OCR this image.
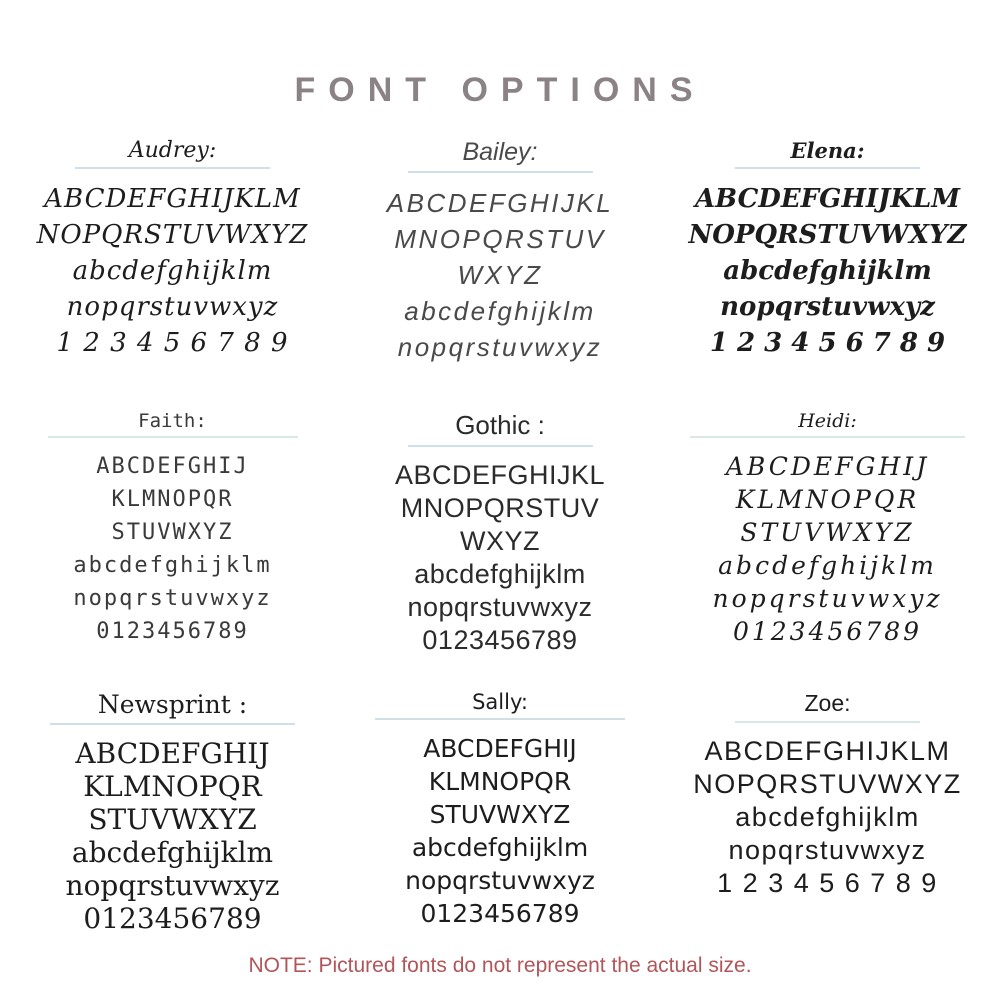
FONT OPTIONS
Audrey:
ABCDEFGHIJKLM
NOPQRSTUVWXYZ
abcdefghijklm
nopqrstuvwxyz
1 2 3 4 5 6 7 8 9
Bailey:
ABCDEFGHIJKL
MNOPQRSTUV
WXYZ
abcdefghijklm
nopqrstuvwxyz
Elena:
ABCDEFGHIJKLM
NOPQRSTUVWXYZ
abcdefghijklm
nopqrstuvwxyz
1 2 3 4 5 6 7 8 9
Faith:
ABCDEFGHIJ
KLMNOPQR
STUVWXYZ
abcdefghijklm
nopqrstuvwxyz
0123456789
Gothic :
ABCDEFGHIJKL
MNOPQRSTUV
WXYZ
abcdefghijklm
nopqrstuvwxyz
0123456789
Heidi:
ABCDEFGHIJ
KLMNOPQR
STUVWXYZ
abcdefghijklm
nopqrstuvwxyz
0123456789
Newsprint :
ABCDEFGHIJ
KLMNOPQR
STUVWXYZ
abcdefghijklm
nopqrstuvwxyz
0123456789
Sally:
ABCDEFGHIJ
KLMNOPQR
STUVWXYZ
abcdefghijklm
nopqrstuvwxyz
0123456789
Zoe:
ABCDEFGHIJKLM
NOPQRSTUVWXYZ
abcdefghijklm
nopqrstuvwxyz
1 2 3 4 5 6 7 8 9
NOTE: Pictured fonts do not represent the actual size.
